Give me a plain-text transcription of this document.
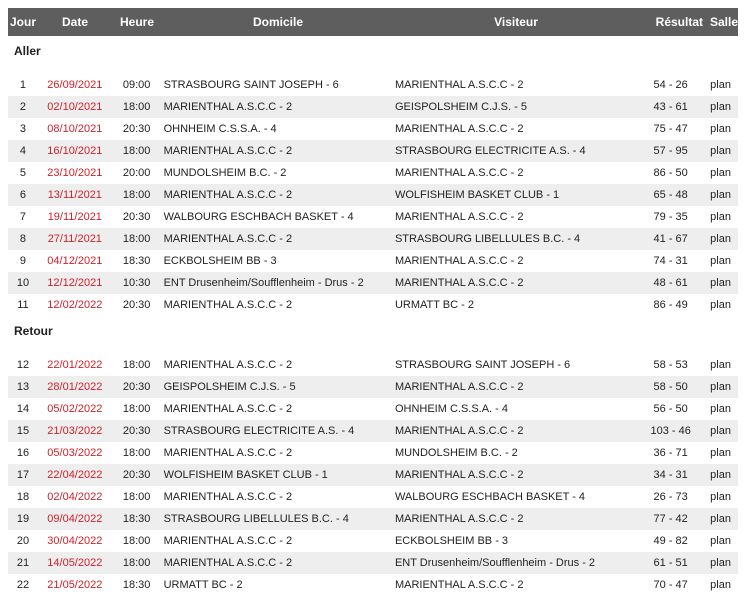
Jour	Date	Heure	Domicile	Visiteur	Résultat Salle
Aller
1	26/09/2021	09:00	STRASBOURG SAINT JOSEPH - 6	MARIENTHAL A.S.C.C - 2	54 - 26	plan
2	02/10/2021	18:00	MARIENTHAL A.S.C.C - 2	GEISPOLSHEIM C.J.S. - 5	43 - 61	plan
3	08/10/2021	20:30	OHNHEIM C.S.S.A. - 4	MARIENTHAL A.S.C.C - 2	75 - 47	plan
4	16/10/2021	18:00	MARIENTHAL A.S.C.C - 2	STRASBOURG ELECTRICITE A.S. - 4	57 - 95	plan
5	23/10/2021	20:00	MUNDOLSHEIM B.C. - 2	MARIENTHAL A.S.C.C - 2	86 - 50	plan
6	13/11/2021	18:00	MARIENTHAL A.S.C.C - 2	WOLFISHEIM BASKET CLUB - 1	65 - 48	plan
7	19/11/2021	20:30	WALBOURG ESCHBACH BASKET - 4	MARIENTHAL A.S.C.C - 2	79 - 35	plan
8	27/11/2021	18:00	MARIENTHAL A.S.C.C - 2	STRASBOURG LIBELLULES B.C. - 4	41 - 67	plan
9	04/12/2021	18:30	ECKBOLSHEIM BB - 3	MARIENTHAL A.S.C.C - 2	74 - 31	plan
10	12/12/2021	10:30	ENT Drusenheim/Soufflenheim - Drus - 2	MARIENTHAL A.S.C.C - 2	48 - 61	plan
11	12/02/2022	20:30	MARIENTHAL A.S.C.C - 2	URMATT BC - 2	86 - 49	plan
Retour
12	22/01/2022	18:00	MARIENTHAL A.S.C.C - 2	STRASBOURG SAINT JOSEPH - 6	58 - 53	plan
13	28/01/2022	20:30	GEISPOLSHEIM C.J.S. - 5	MARIENTHAL A.S.C.C - 2	58 - 50	plan
14	05/02/2022	18:00	MARIENTHAL A.S.C.C - 2	OHNHEIM C.S.S.A. - 4	56 - 50	plan
15	21/03/2022	20:30	STRASBOURG ELECTRICITE A.S. - 4	MARIENTHAL A.S.C.C - 2	103 - 46	plan
16	05/03/2022	18:00	MARIENTHAL A.S.C.C - 2	MUNDOLSHEIM B.C. - 2	36 - 71	plan
17	22/04/2022	20:30	WOLFISHEIM BASKET CLUB - 1	MARIENTHAL A.S.C.C - 2	34 - 31	plan
18	02/04/2022	18:00	MARIENTHAL A.S.C.C - 2	WALBOURG ESCHBACH BASKET - 4	26 - 73	plan
19	09/04/2022	18:30	STRASBOURG LIBELLULES B.C. - 4	MARIENTHAL A.S.C.C - 2	77 - 42	plan
20	30/04/2022	18:00	MARIENTHAL A.S.C.C - 2	ECKBOLSHEIM BB - 3	49 - 82	plan
21	14/05/2022	18:00	MARIENTHAL A.S.C.C - 2	ENT Drusenheim/Soufflenheim - Drus - 2	61 - 51	plan
22	21/05/2022	18:30	URMATT BC - 2	MARIENTHAL A.S.C.C - 2	70 - 47	plan
